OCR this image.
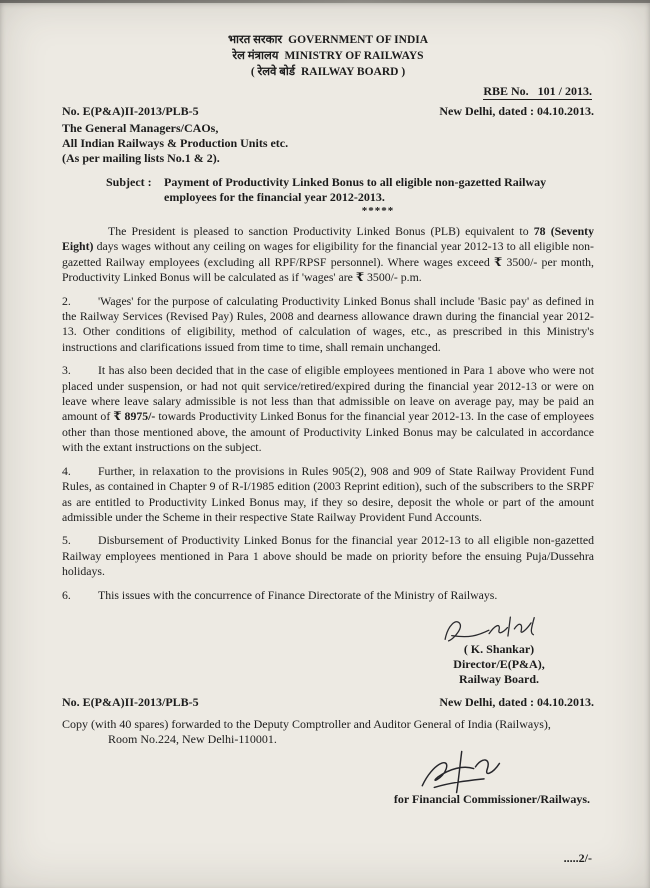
भारत सरकार GOVERNMENT OF INDIA
रेल मंत्रालय MINISTRY OF RAILWAYS
( रेलवे बोर्ड RAILWAY BOARD )
RBE No.   101 / 2013.
No. E(P&A)II-2013/PLB-5	New Delhi, dated : 04.10.2013.
The General Managers/CAOs,
All Indian Railways & Production Units etc.
(As per mailing lists No.1 & 2).
Subject :	Payment of Productivity Linked Bonus to all eligible non-gazetted Railway employees for the financial year 2012-2013.
*****

The President is pleased to sanction Productivity Linked Bonus (PLB) equivalent to 78 (Seventy Eight) days wages without any ceiling on wages for eligibility for the financial year 2012-13 to all eligible non-gazetted Railway employees (excluding all RPF/RPSF personnel). Where wages exceed ₹ 3500/- per month, Productivity Linked Bonus will be calculated as if 'wages' are ₹ 3500/- p.m.

2. 'Wages' for the purpose of calculating Productivity Linked Bonus shall include 'Basic pay' as defined in the Railway Services (Revised Pay) Rules, 2008 and dearness allowance drawn during the financial year 2012-13. Other conditions of eligibility, method of calculation of wages, etc., as prescribed in this Ministry's instructions and clarifications issued from time to time, shall remain unchanged.

3. It has also been decided that in the case of eligible employees mentioned in Para 1 above who were not placed under suspension, or had not quit service/retired/expired during the financial year 2012-13 or were on leave where leave salary admissible is not less than that admissible on leave on average pay, may be paid an amount of ₹ 8975/- towards Productivity Linked Bonus for the financial year 2012-13. In the case of employees other than those mentioned above, the amount of Productivity Linked Bonus may be calculated in accordance with the extant instructions on the subject.

4. Further, in relaxation to the provisions in Rules 905(2), 908 and 909 of State Railway Provident Fund Rules, as contained in Chapter 9 of R-I/1985 edition (2003 Reprint edition), such of the subscribers to the SRPF as are entitled to Productivity Linked Bonus may, if they so desire, deposit the whole or part of the amount admissible under the Scheme in their respective State Railway Provident Fund Accounts.

5. Disbursement of Productivity Linked Bonus for the financial year 2012-13 to all eligible non-gazetted Railway employees mentioned in Para 1 above should be made on priority before the ensuing Puja/Dussehra holidays.

6. This issues with the concurrence of Finance Directorate of the Ministry of Railways.

( K. Shankar)
Director/E(P&A),
Railway Board.
No. E(P&A)II-2013/PLB-5	New Delhi, dated : 04.10.2013.
Copy (with 40 spares) forwarded to the Deputy Comptroller and Auditor General of India (Railways),
Room No.224, New Delhi-110001.
for Financial Commissioner/Railways.
.....2/-
